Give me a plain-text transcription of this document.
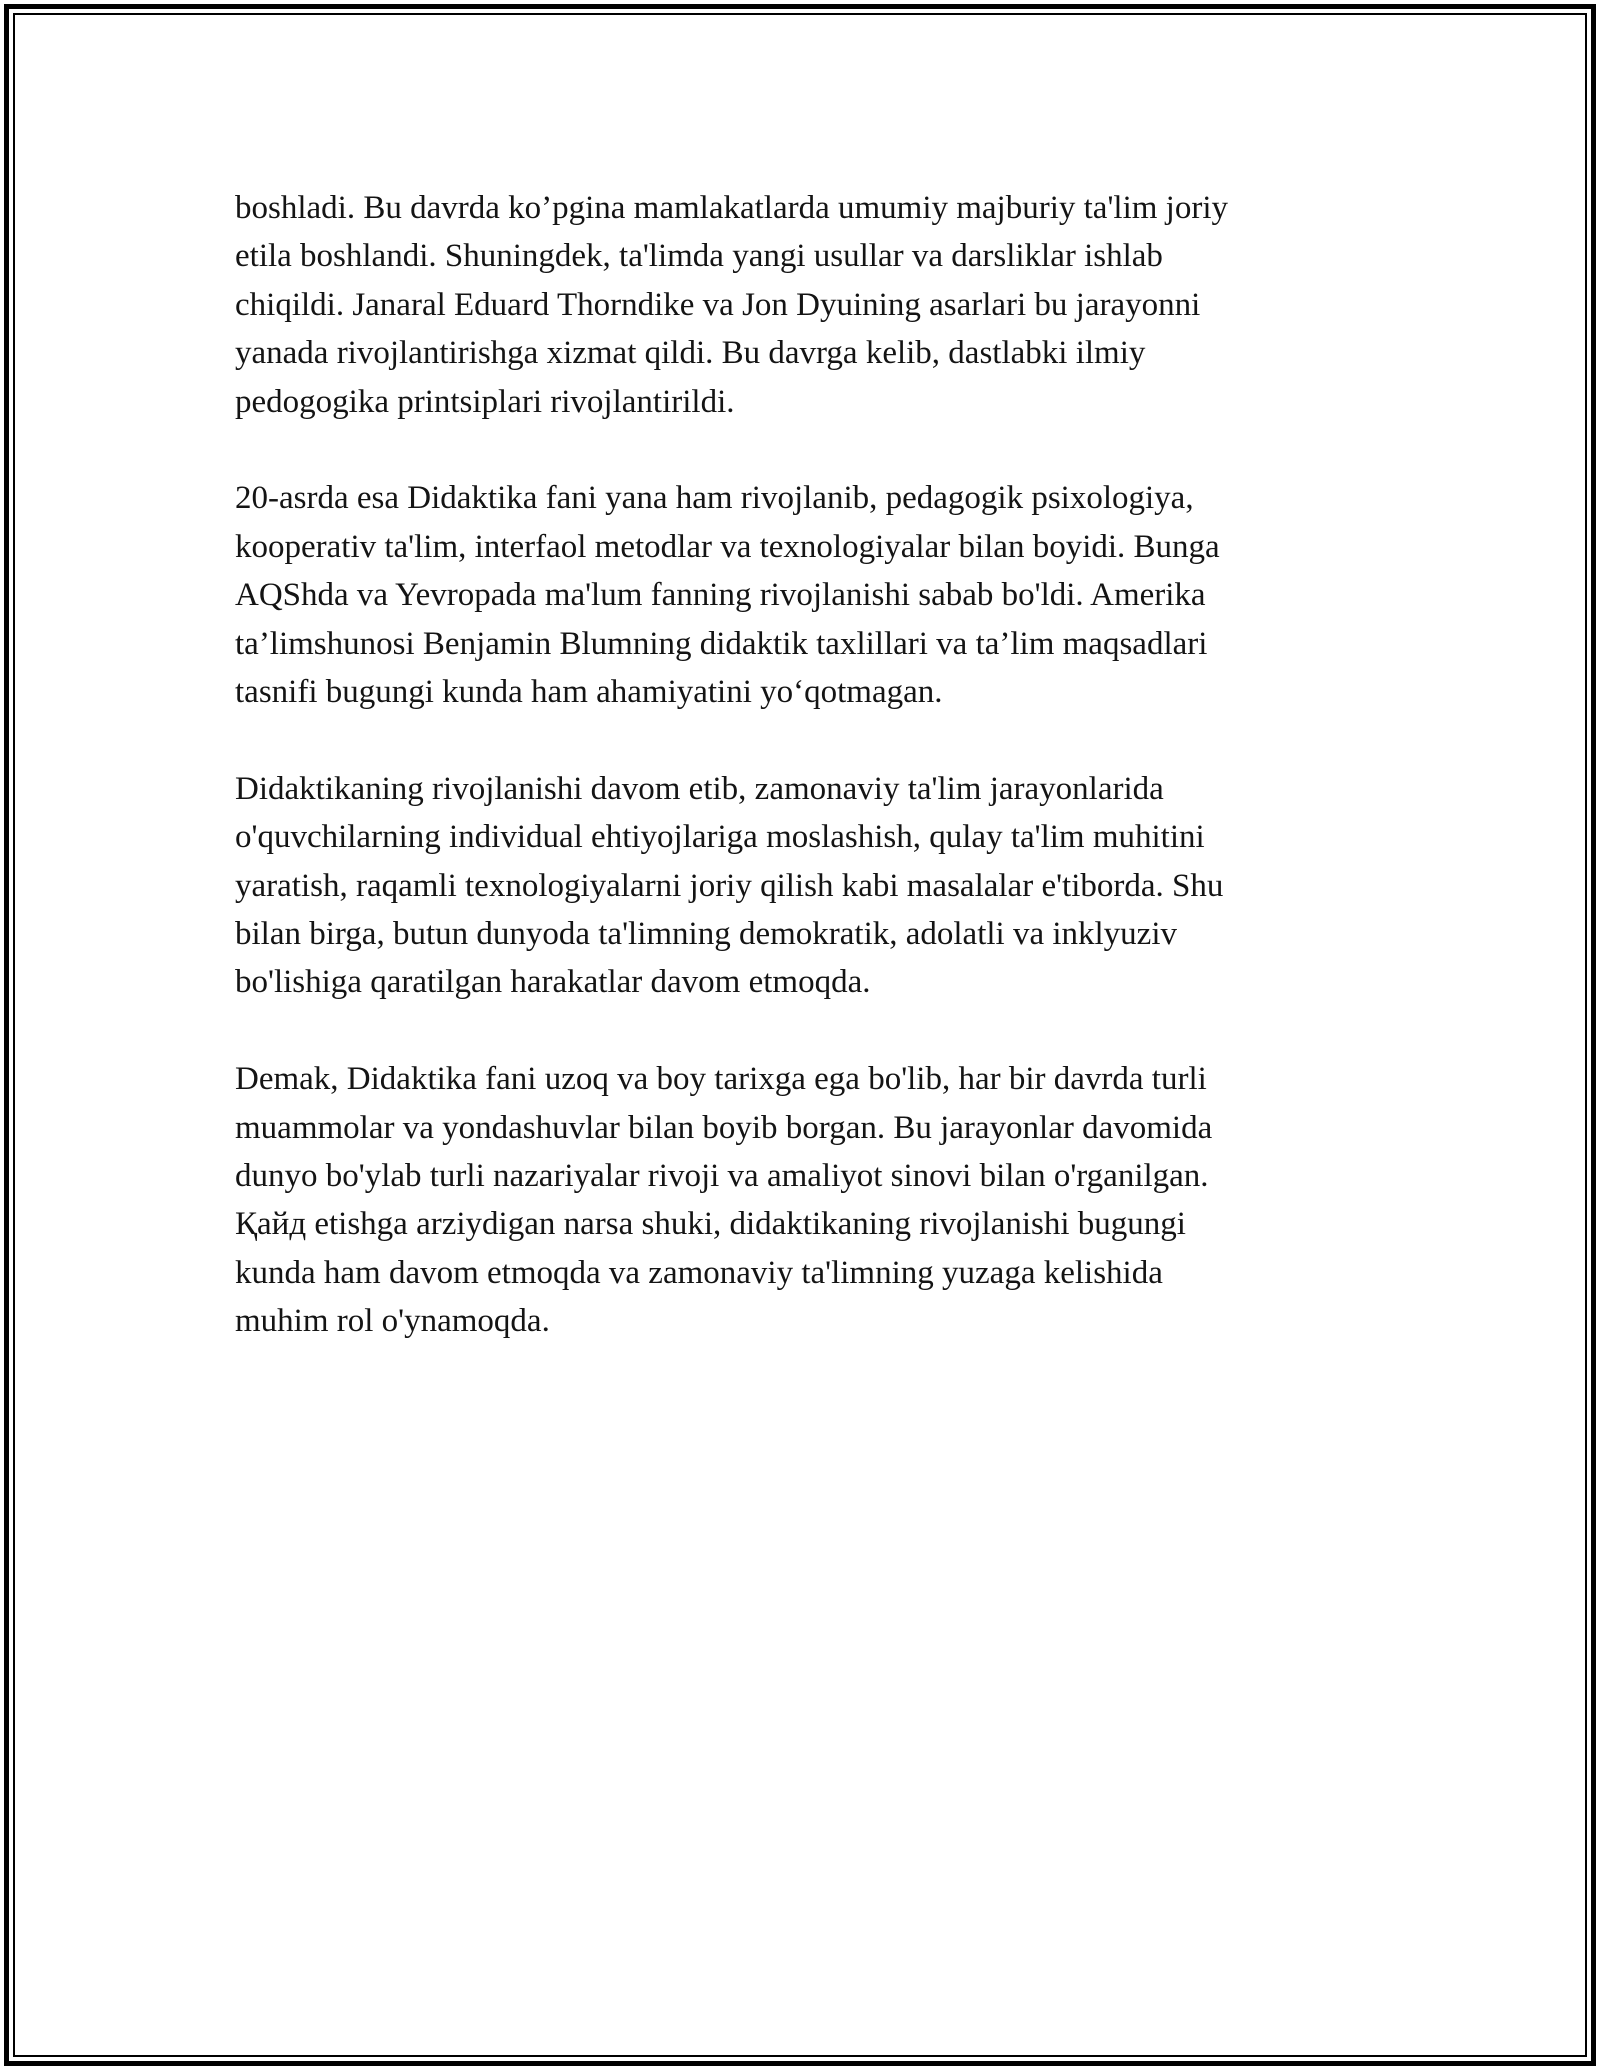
boshladi. Bu davrda ko’pgina mamlakatlarda umumiy majburiy ta'lim joriy
etila boshlandi. Shuningdek, ta'limda yangi usullar va darsliklar ishlab
chiqildi. Janaral Eduard Thorndike va Jon Dyuining asarlari bu jarayonni
yanada rivojlantirishga xizmat qildi. Bu davrga kelib, dastlabki ilmiy
pedogogika printsiplari rivojlantirildi.

20-asrda esa Didaktika fani yana ham rivojlanib, pedagogik psixologiya,
kooperativ ta'lim, interfaol metodlar va texnologiyalar bilan boyidi. Bunga
AQShda va Yevropada ma'lum fanning rivojlanishi sabab bo'ldi. Amerika
ta’limshunosi Benjamin Blumning didaktik taxlillari va ta’lim maqsadlari
tasnifi bugungi kunda ham ahamiyatini yo‘qotmagan.

Didaktikaning rivojlanishi davom etib, zamonaviy ta'lim jarayonlarida
o'quvchilarning individual ehtiyojlariga moslashish, qulay ta'lim muhitini
yaratish, raqamli texnologiyalarni joriy qilish kabi masalalar e'tiborda. Shu
bilan birga, butun dunyoda ta'limning demokratik, adolatli va inklyuziv
bo'lishiga qaratilgan harakatlar davom etmoqda.

Demak, Didaktika fani uzoq va boy tarixga ega bo'lib, har bir davrda turli
muammolar va yondashuvlar bilan boyib borgan. Bu jarayonlar davomida
dunyo bo'ylab turli nazariyalar rivoji va amaliyot sinovi bilan o'rganilgan.
Қайд etishga arziydigan narsa shuki, didaktikaning rivojlanishi bugungi
kunda ham davom etmoqda va zamonaviy ta'limning yuzaga kelishida
muhim rol o'ynamoqda.
